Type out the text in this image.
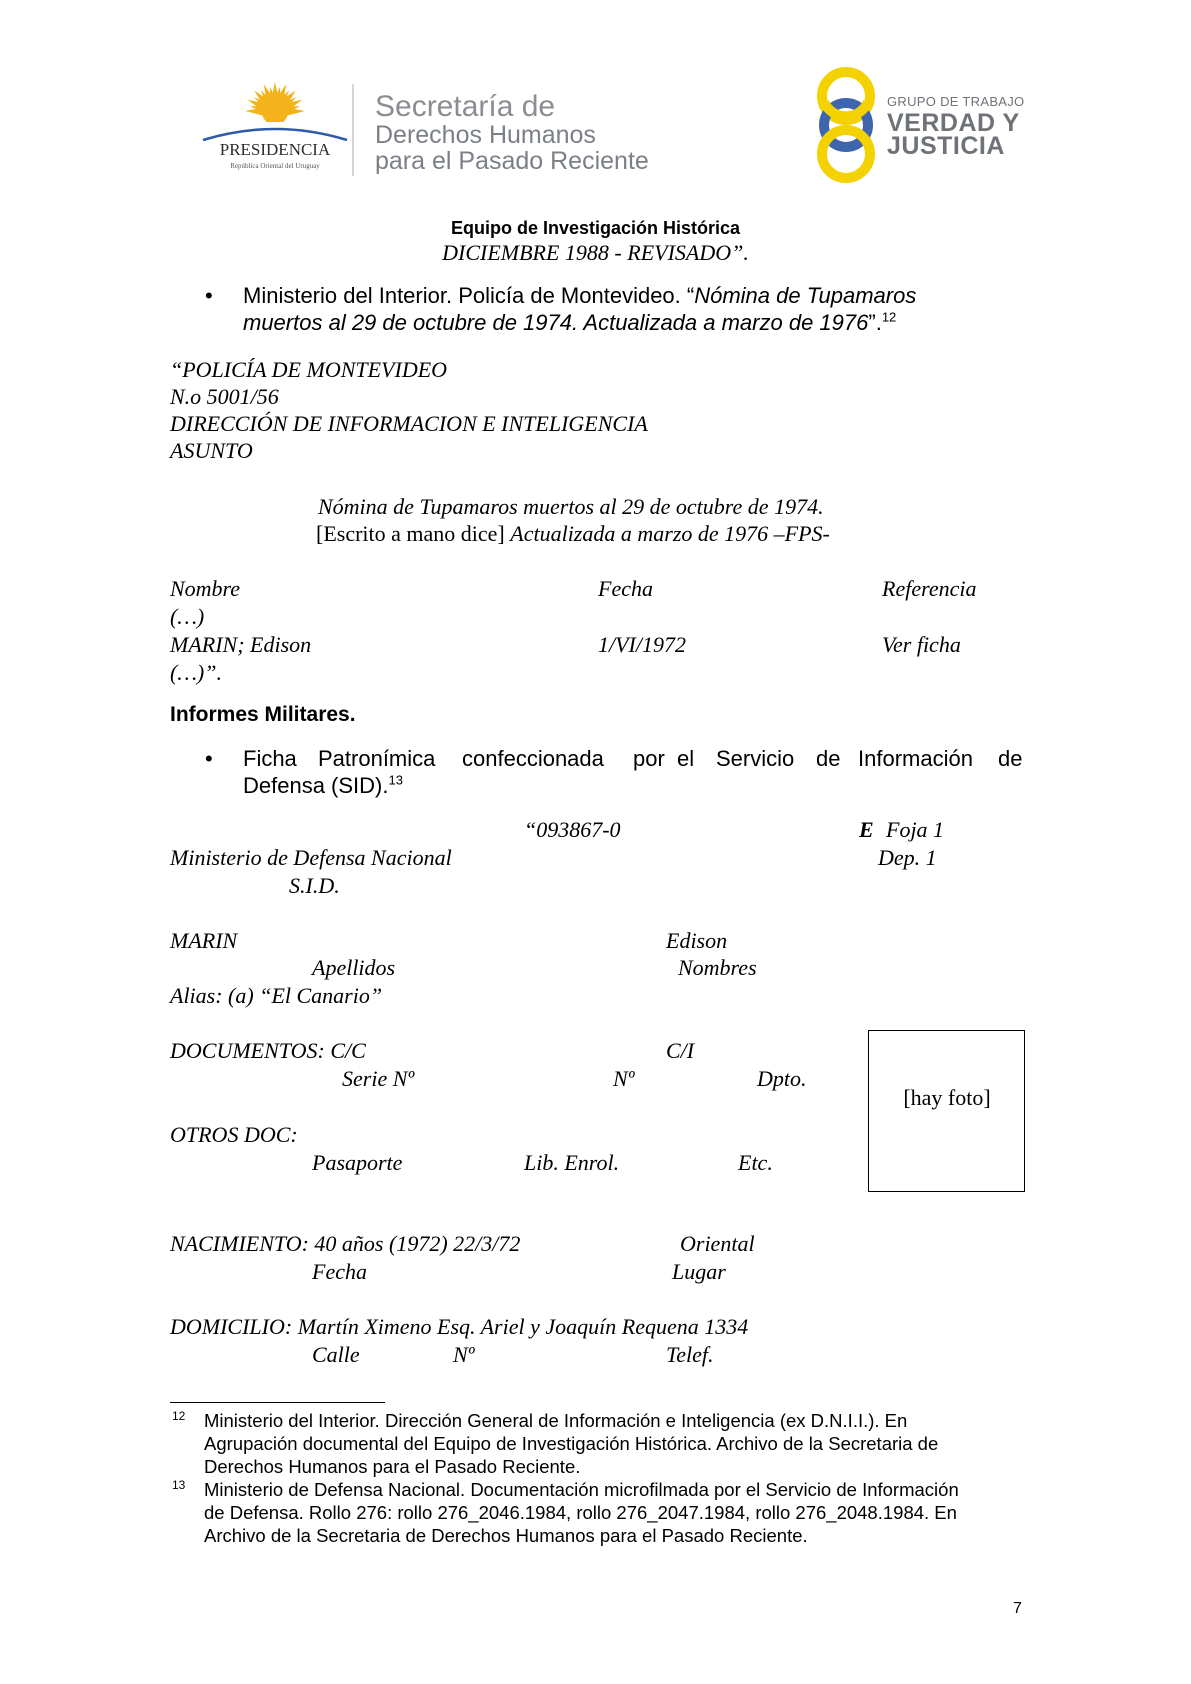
PRESIDENCIA
República Oriental del Uruguay
Secretaría de
Derechos Humanos
para el Pasado Reciente
GRUPO DE TRABAJO
VERDAD Y
JUSTICIA
Equipo de Investigación Histórica
DICIEMBRE 1988 - REVISADO”.
• Ministerio del Interior. Policía de Montevideo. “Nómina de Tupamaros
muertos al 29 de octubre de 1974. Actualizada a marzo de 1976”.$^{12}$
“POLICÍA DE MONTEVIDEO
N.o 5001/56
DIRECCIÓN DE INFORMACION E INTELIGENCIA
ASUNTO
Nómina de Tupamaros muertos al 29 de octubre de 1974.
[Escrito a mano dice] Actualizada a marzo de 1976 –FPS-
Nombre	Fecha	Referencia
(…)
MARIN; Edison	1/VI/1972	Ver ficha
(…)”.
Informes Militares.
• Ficha Patronímica confeccionada por el Servicio de Información de
Defensa (SID).$^{13}$
“093867-0	E Foja 1
Ministerio de Defensa Nacional	Dep. 1
S.I.D.
MARIN	Edison
Apellidos	Nombres
Alias: (a) “El Canario”
DOCUMENTOS: C/C	C/I
Serie Nº	Nº	Dpto.
[hay foto]
OTROS DOC:
Pasaporte	Lib. Enrol.	Etc.
NACIMIENTO: 40 años (1972) 22/3/72	Oriental
Fecha	Lugar
DOMICILIO: Martín Ximeno Esq. Ariel y Joaquín Requena 1334
Calle	Nº	Telef.
12 Ministerio del Interior. Dirección General de Información e Inteligencia (ex D.N.I.I.). En
Agrupación documental del Equipo de Investigación Histórica. Archivo de la Secretaria de
Derechos Humanos para el Pasado Reciente.
13 Ministerio de Defensa Nacional. Documentación microfilmada por el Servicio de Información
de Defensa. Rollo 276: rollo 276_2046.1984, rollo 276_2047.1984, rollo 276_2048.1984. En
Archivo de la Secretaria de Derechos Humanos para el Pasado Reciente.
7
